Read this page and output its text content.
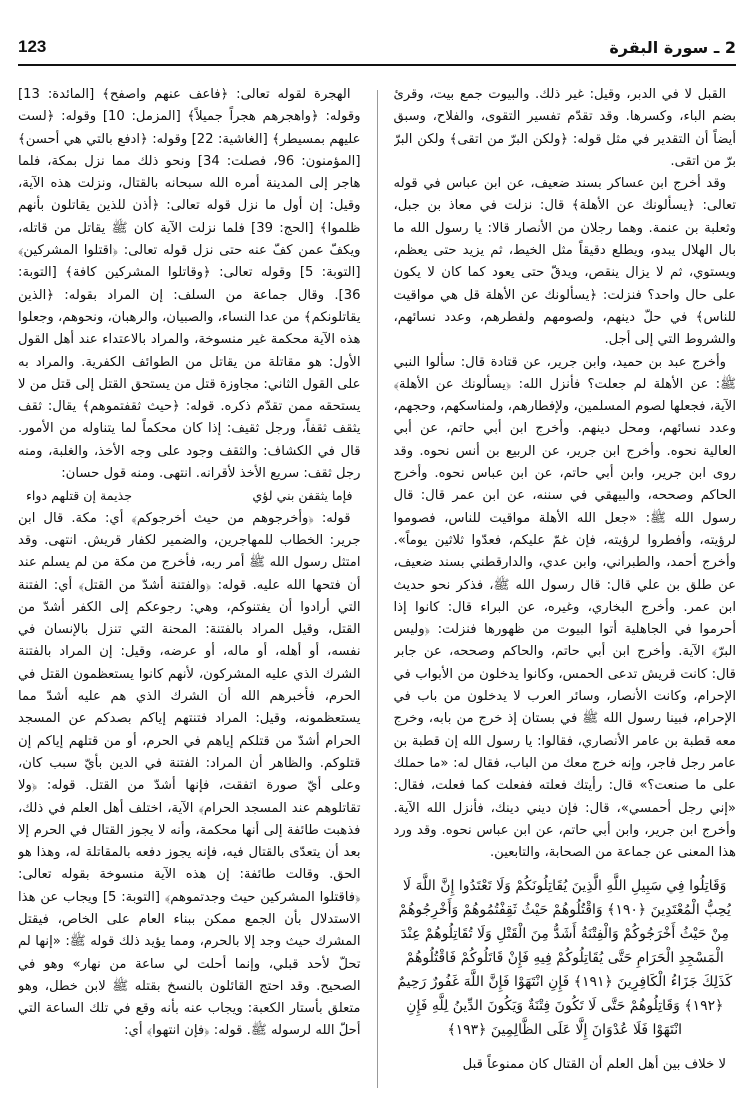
123	2 ـ سورة البقرة

القبل لا في الدبر، وقيل: غير ذلك. والبيوت جمع بيت، وقرئ بضم الباء، وكسرها. وقد تقدّم تفسير التقوى، والفلاح، وسبق أيضاً أن التقدير في مثل قوله: ﴿ولكن البرّ من اتقى﴾ ولكن البرّ برّ من اتقى.

وقد أخرج ابن عساكر بسند ضعيف، عن ابن عباس في قوله تعالى: ﴿يسألونك عن الأهلة﴾ قال: نزلت في معاذ بن جبل، وثعلبة بن عنمة. وهما رجلان من الأنصار قالا: يا رسول الله ما بال الهلال يبدو، ويطلع دقيقاً مثل الخيط، ثم يزيد حتى يعظم، ويستوي، ثم لا يزال ينقص، ويدقّ حتى يعود كما كان لا يكون على حال واحد؟ فنزلت: ﴿يسألونك عن الأهلة قل هي مواقيت للناس﴾ في حلّ دينهم، ولصومهم ولفطرهم، وعدد نسائهم، والشروط التي إلى أجل.

وأخرج عبد بن حميد، وابن جرير، عن قتادة قال: سألوا النبي ﷺ: عن الأهلة لم جعلت؟ فأنزل الله: ﴿يسألونك عن الأهلة﴾ الآية، فجعلها لصوم المسلمين، ولإفطارهم، ولمناسكهم، وحجهم، وعدد نسائهم، ومحل دينهم. وأخرج ابن أبي حاتم، عن أبي العالية نحوه. وأخرج ابن جرير، عن الربيع بن أنس نحوه. وقد روى ابن جرير، وابن أبي حاتم، عن ابن عباس نحوه. وأخرج الحاكم وصححه، والبيهقي في سننه، عن ابن عمر قال: قال رسول الله ﷺ: «جعل الله الأهلة مواقيت للناس، فصوموا لرؤيته، وأفطروا لرؤيته، فإن غمّ عليكم، فعدّوا ثلاثين يوماً». وأخرج أحمد، والطبراني، وابن عدي، والدارقطني بسند ضعيف، عن طلق بن علي قال: قال رسول الله ﷺ، فذكر نحو حديث ابن عمر. وأخرج البخاري، وغيره، عن البراء قال: كانوا إذا أحرموا في الجاهلية أتوا البيوت من ظهورها فنزلت: ﴿وليس البرّ﴾ الآية. وأخرج ابن أبي حاتم، والحاكم وصححه، عن جابر قال: كانت قريش تدعى الحمس، وكانوا يدخلون من الأبواب في الإحرام، وكانت الأنصار، وسائر العرب لا يدخلون من باب في الإحرام، فبينا رسول الله ﷺ في بستان إذ خرج من بابه، وخرج معه قطبة بن عامر الأنصاري، فقالوا: يا رسول الله إن قطبة بن عامر رجل فاجر، وإنه خرج معك من الباب، فقال له: «ما حملك على ما صنعت؟» قال: رأيتك فعلته ففعلت كما فعلت، فقال: «إني رجل أحمسي»، قال: فإن ديني دينك، فأنزل الله الآية. وأخرج ابن جرير، وابن أبي حاتم، عن ابن عباس نحوه. وقد ورد هذا المعنى عن جماعة من الصحابة، والتابعين.

وَقَاتِلُوا فِي سَبِيلِ اللَّهِ الَّذِينَ يُقَاتِلُونَكُمْ وَلَا تَعْتَدُوا إِنَّ اللَّهَ لَا يُحِبُّ الْمُعْتَدِينَ ﴿١٩٠﴾ وَاقْتُلُوهُمْ حَيْثُ ثَقِفْتُمُوهُمْ وَأَخْرِجُوهُمْ مِنْ حَيْثُ أَخْرَجُوكُمْ وَالْفِتْنَةُ أَشَدُّ مِنَ الْقَتْلِ وَلَا تُقَاتِلُوهُمْ عِنْدَ الْمَسْجِدِ الْحَرَامِ حَتَّى يُقَاتِلُوكُمْ فِيهِ فَإِنْ قَاتَلُوكُمْ فَاقْتُلُوهُمْ كَذَلِكَ جَزَاءُ الْكَافِرِينَ ﴿١٩١﴾ فَإِنِ انْتَهَوْا فَإِنَّ اللَّهَ غَفُورٌ رَحِيمٌ ﴿١٩٢﴾ وَقَاتِلُوهُمْ حَتَّى لَا تَكُونَ فِتْنَةٌ وَيَكُونَ الدِّينُ لِلَّهِ فَإِنِ انْتَهَوْا فَلَا عُدْوَانَ إِلَّا عَلَى الظَّالِمِينَ ﴿١٩٣﴾

لا خلاف بين أهل العلم أن القتال كان ممنوعاً قبل

الهجرة لقوله تعالى: ﴿فاعف عنهم واصفح﴾ [المائدة: 13] وقوله: ﴿واهجرهم هجراً جميلاً﴾ [المزمل: 10] وقوله: ﴿لست عليهم بمسيطر﴾ [الغاشية: 22] وقوله: ﴿ادفع بالتي هي أحسن﴾ [المؤمنون: 96، فصلت: 34] ونحو ذلك مما نزل بمكة، فلما هاجر إلى المدينة أمره الله سبحانه بالقتال، ونزلت هذه الآية، وقيل: إن أول ما نزل قوله تعالى: ﴿أذن للذين يقاتلون بأنهم ظلموا﴾ [الحج: 39] فلما نزلت الآية كان ﷺ يقاتل من قاتله، ويكفّ عمن كفّ عنه حتى نزل قوله تعالى: ﴿اقتلوا المشركين﴾ [التوبة: 5] وقوله تعالى: ﴿وقاتلوا المشركين كافة﴾ [التوبة: 36]. وقال جماعة من السلف: إن المراد بقوله: ﴿الذين يقاتلونكم﴾ من عدا النساء، والصبيان، والرهبان، ونحوهم، وجعلوا هذه الآية محكمة غير منسوخة، والمراد بالاعتداء عند أهل القول الأول: هو مقاتلة من يقاتل من الطوائف الكفرية. والمراد به على القول الثاني: مجاوزة قتل من يستحق القتل إلى قتل من لا يستحقه ممن تقدّم ذكره. قوله: ﴿حيث ثقفتموهم﴾ يقال: ثقف يثقف ثقفاً، ورجل ثقيف: إذا كان محكماً لما يتناوله من الأمور. قال في الكشاف: والثقف وجود على وجه الأخذ، والغلبة، ومنه رجل ثقف: سريع الأخذ لأقرانه. انتهى. ومنه قول حسان:

فإما يثقفن بني لؤي
جذيمة إن قتلهم دواء

قوله: ﴿وأخرجوهم من حيث أخرجوكم﴾ أي: مكة. قال ابن جرير: الخطاب للمهاجرين، والضمير لكفار قريش. انتهى. وقد امتثل رسول الله ﷺ أمر ربه، فأخرج من مكة من لم يسلم عند أن فتحها الله عليه. قوله: ﴿والفتنة أشدّ من القتل﴾ أي: الفتنة التي أرادوا أن يفتنوكم، وهي: رجوعكم إلى الكفر أشدّ من القتل، وقيل المراد بالفتنة: المحنة التي تنزل بالإنسان في نفسه، أو أهله، أو ماله، أو عرضه، وقيل: إن المراد بالفتنة الشرك الذي عليه المشركون، لأنهم كانوا يستعظمون القتل في الحرم، فأخبرهم الله أن الشرك الذي هم عليه أشدّ مما يستعظمونه، وقيل: المراد فتنتهم إياكم بصدكم عن المسجد الحرام أشدّ من قتلكم إياهم في الحرم، أو من قتلهم إياكم إن قتلوكم. والظاهر أن المراد: الفتنة في الدين بأيّ سبب كان، وعلى أيّ صورة اتفقت، فإنها أشدّ من القتل. قوله: ﴿ولا تقاتلوهم عند المسجد الحرام﴾ الآية، اختلف أهل العلم في ذلك، فذهبت طائفة إلى أنها محكمة، وأنه لا يجوز القتال في الحرم إلا بعد أن يتعدّى بالقتال فيه، فإنه يجوز دفعه بالمقاتلة له، وهذا هو الحق. وقالت طائفة: إن هذه الآية منسوخة بقوله تعالى: ﴿فاقتلوا المشركين حيث وجدتموهم﴾ [التوبة: 5] ويجاب عن هذا الاستدلال بأن الجمع ممكن ببناء العام على الخاص، فيقتل المشرك حيث وجد إلا بالحرم، ومما يؤيد ذلك قوله ﷺ: «إنها لم تحلّ لأحد قبلي، وإنما أحلت لي ساعة من نهار» وهو في الصحيح. وقد احتج القائلون بالنسخ بقتله ﷺ لابن خطل، وهو متعلق بأستار الكعبة: ويجاب عنه بأنه وقع في تلك الساعة التي أحلّ الله لرسوله ﷺ. قوله: ﴿فإن انتهوا﴾ أي:
